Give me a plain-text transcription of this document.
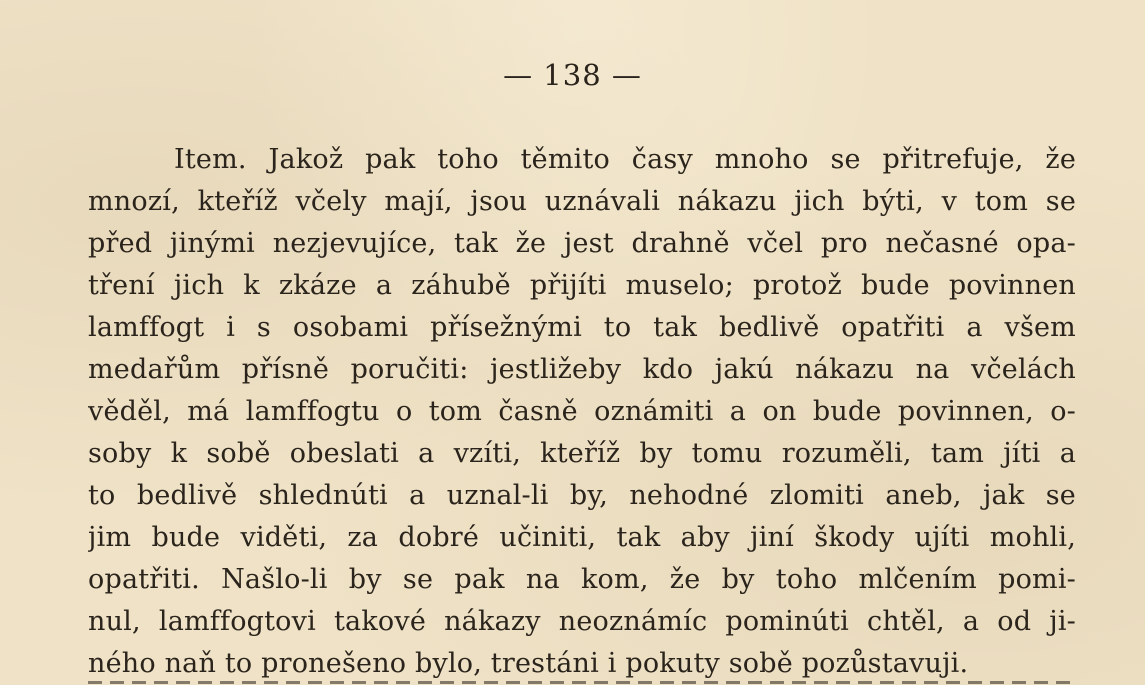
— 138 —
Item. Jakož pak toho těmito časy mnoho se přitrefuje, že
mnozí, kteříž včely mají, jsou uznávali nákazu jich býti, v tom se
před jinými nezjevujíce, tak že jest drahně včel pro nečasné opa-
tření jich k zkáze a záhubě přijíti muselo; protož bude povinnen
lamffogt i s osobami přísežnými to tak bedlivě opatřiti a všem
medařům přísně poručiti: jestližeby kdo jakú nákazu na včelách
věděl, má lamffogtu o tom časně oznámiti a on bude povinnen, o-
soby k sobě obeslati a vzíti, kteříž by tomu rozuměli, tam jíti a
to bedlivě shlednúti a uznal-li by, nehodné zlomiti aneb, jak se
jim bude viděti, za dobré učiniti, tak aby jiní škody ujíti mohli,
opatřiti. Našlo-li by se pak na kom, že by toho mlčením pomi-
nul, lamffogtovi takové nákazy neoznámíc pominúti chtěl, a od ji-
ného naň to pronešeno bylo, trestáni i pokuty sobě pozůstavuji.
